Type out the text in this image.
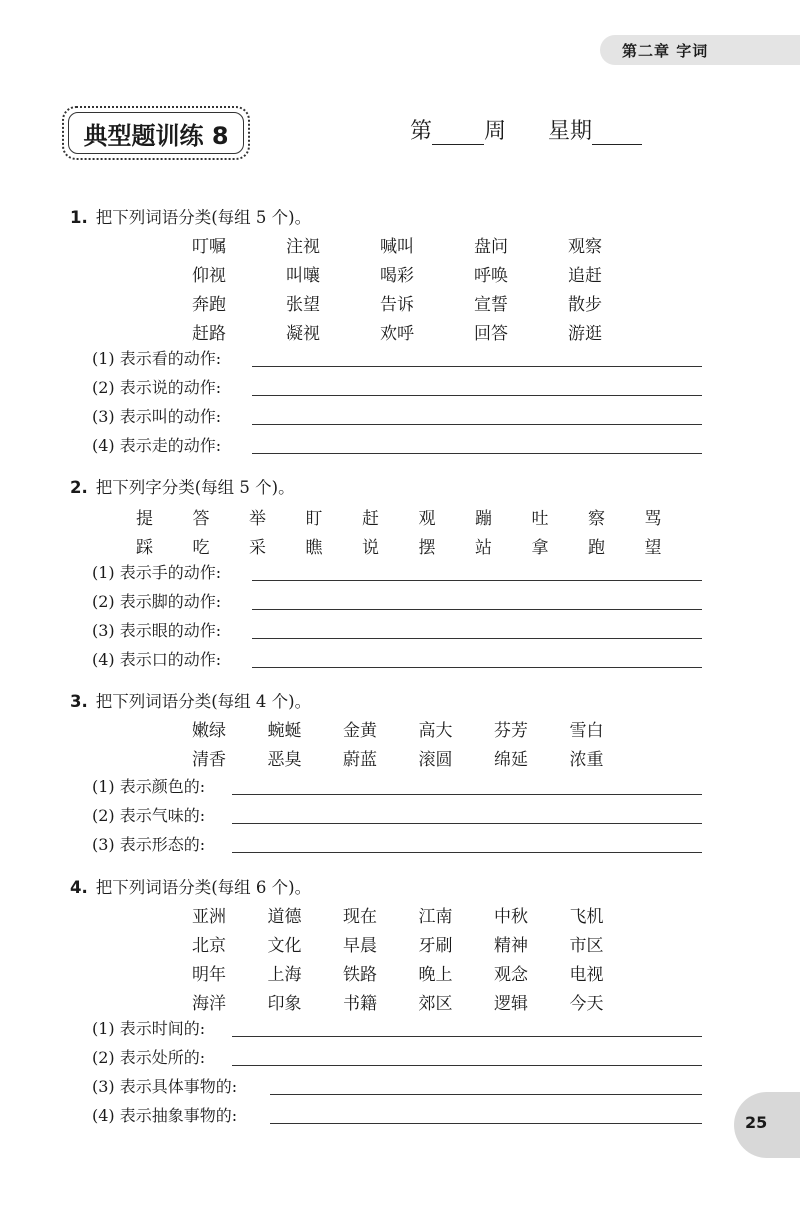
第二章 字词
典型题训练 8	第 周 星期
1. 把下列词语分类(每组 5 个)。
叮嘱	注视	喊叫	盘问	观察
仰视	叫嚷	喝彩	呼唤	追赶
奔跑	张望	告诉	宣誓	散步
赶路	凝视	欢呼	回答	游逛
(1) 表示看的动作:
(2) 表示说的动作:
(3) 表示叫的动作:
(4) 表示走的动作:
2. 把下列字分类(每组 5 个)。
提 答 举 盯 赶 观 蹦 吐 察 骂
踩 吃 采 瞧 说 摆 站 拿 跑 望
(1) 表示手的动作:
(2) 表示脚的动作:
(3) 表示眼的动作:
(4) 表示口的动作:
3. 把下列词语分类(每组 4 个)。
嫩绿 蜿蜒 金黄 高大 芬芳 雪白
清香 恶臭 蔚蓝 滚圆 绵延 浓重
(1) 表示颜色的:
(2) 表示气味的:
(3) 表示形态的:
4. 把下列词语分类(每组 6 个)。
亚洲 道德 现在 江南 中秋 飞机
北京 文化 早晨 牙刷 精神 市区
明年 上海 铁路 晚上 观念 电视
海洋 印象 书籍 郊区 逻辑 今天
(1) 表示时间的:
(2) 表示处所的:
(3) 表示具体事物的:
(4) 表示抽象事物的:	25
